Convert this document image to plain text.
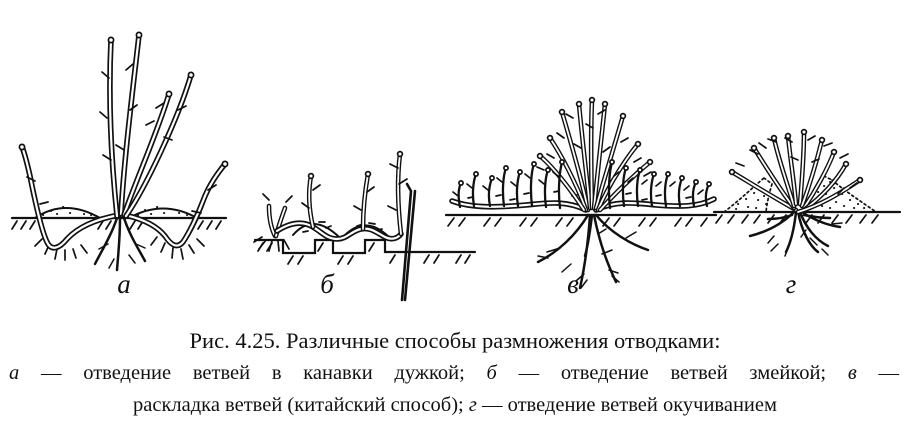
а	б	в	г

Рис. 4.25. Различные способы размножения отводками:

а — отведение ветвей в канавки дужкой; б — отведение ветвей змейкой; в —
раскладка ветвей (китайский способ); г — отведение ветвей окучиванием
